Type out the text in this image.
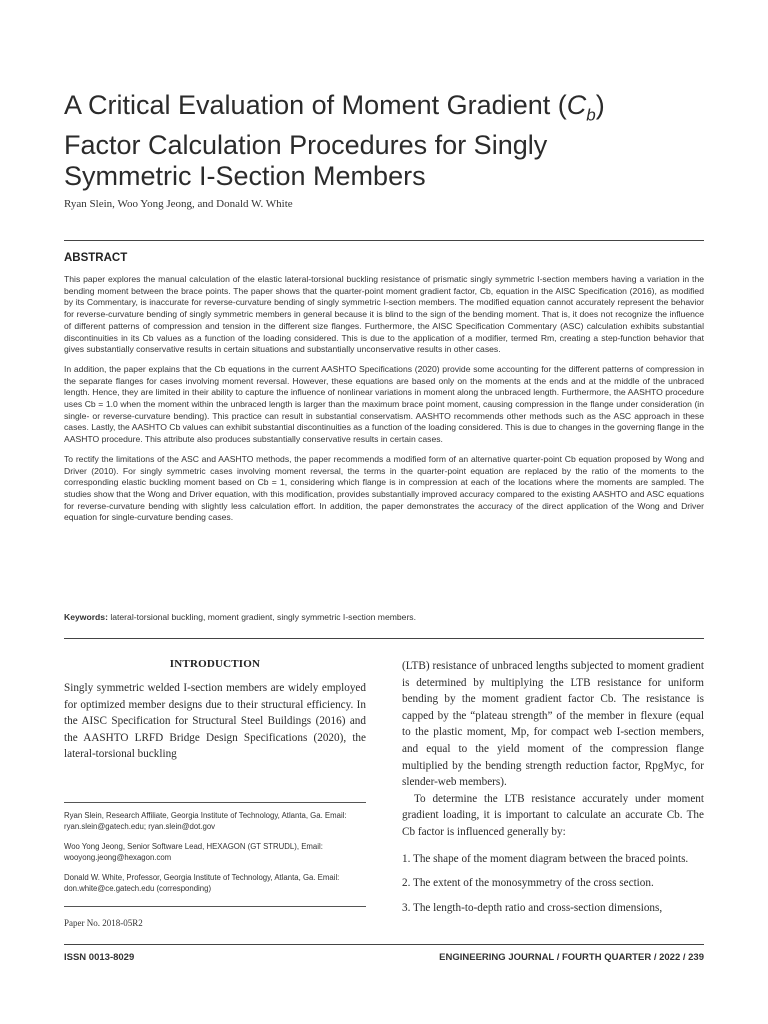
A Critical Evaluation of Moment Gradient $(C_b)$
Factor Calculation Procedures for Singly
Symmetric I-Section Members
Ryan Slein, Woo Yong Jeong, and Donald W. White
ABSTRACT

This paper explores the manual calculation of the elastic lateral-torsional buckling resistance of prismatic singly symmetric I-section members having a variation in the bending moment between the brace points. The paper shows that the quarter-point moment gradient factor, Cb, equation in the AISC Specification (2016), as modified by its Commentary, is inaccurate for reverse-curvature bending of singly symmetric I-section members. The modified equation cannot accurately represent the behavior for reverse-curvature bending of singly symmetric members in general because it is blind to the sign of the bending moment. That is, it does not recognize the influence of different patterns of compression and tension in the different size flanges. Furthermore, the AISC Specification Commentary (ASC) calculation exhibits substantial discontinuities in its Cb values as a function of the loading considered. This is due to the application of a modifier, termed Rm, creating a step-function behavior that gives substantially conservative results in certain situations and substantially unconservative results in other cases.

In addition, the paper explains that the Cb equations in the current AASHTO Specifications (2020) provide some accounting for the different patterns of compression in the separate flanges for cases involving moment reversal. However, these equations are based only on the moments at the ends and at the middle of the unbraced length. Hence, they are limited in their ability to capture the influence of nonlinear variations in moment along the unbraced length. Furthermore, the AASHTO procedure uses Cb = 1.0 when the moment within the unbraced length is larger than the maximum brace point moment, causing compression in the flange under consideration (in single- or reverse-curvature bending). This practice can result in substantial conservatism. AASHTO recommends other methods such as the ASC approach in these cases. Lastly, the AASHTO Cb values can exhibit substantial discontinuities as a function of the loading considered. This is due to changes in the governing flange in the AASHTO procedure. This attribute also produces substantially conservative results in certain cases.

To rectify the limitations of the ASC and AASHTO methods, the paper recommends a modified form of an alternative quarter-point Cb equation proposed by Wong and Driver (2010). For singly symmetric cases involving moment reversal, the terms in the quarter-point equation are replaced by the ratio of the moments to the corresponding elastic buckling moment based on Cb = 1, considering which flange is in compression at each of the locations where the moments are sampled. The studies show that the Wong and Driver equation, with this modification, provides substantially improved accuracy compared to the existing AASHTO and ASC equations for reverse-curvature bending with slightly less calculation effort. In addition, the paper demonstrates the accuracy of the direct application of the Wong and Driver equation for single-curvature bending cases.

Keywords: lateral-torsional buckling, moment gradient, singly symmetric I-section members.
INTRODUCTION

Singly symmetric welded I-section members are widely employed for optimized member designs due to their structural efficiency. In the AISC Specification for Structural Steel Buildings (2016) and the AASHTO LRFD Bridge Design Specifications (2020), the lateral-torsional buckling

(LTB) resistance of unbraced lengths subjected to moment gradient is determined by multiplying the LTB resistance for uniform bending by the moment gradient factor Cb. The resistance is capped by the “plateau strength” of the member in flexure (equal to the plastic moment, Mp, for compact web I-section members, and equal to the yield moment of the compression flange multiplied by the bending strength reduction factor, RpgMyc, for slender-web members).

To determine the LTB resistance accurately under moment gradient loading, it is important to calculate an accurate Cb. The Cb factor is influenced generally by:

1. The shape of the moment diagram between the braced points.
2. The extent of the monosymmetry of the cross section.
3. The length-to-depth ratio and cross-section dimensions,

Ryan Slein, Research Affiliate, Georgia Institute of Technology, Atlanta, Ga. Email: ryan.slein@gatech.edu; ryan.slein@dot.gov

Woo Yong Jeong, Senior Software Lead, HEXAGON (GT STRUDL), Email: wooyong.jeong@hexagon.com

Donald W. White, Professor, Georgia Institute of Technology, Atlanta, Ga. Email: don.white@ce.gatech.edu (corresponding)

Paper No. 2018-05R2
ISSN 0013-8029	ENGINEERING JOURNAL / FOURTH QUARTER / 2022 / 239
